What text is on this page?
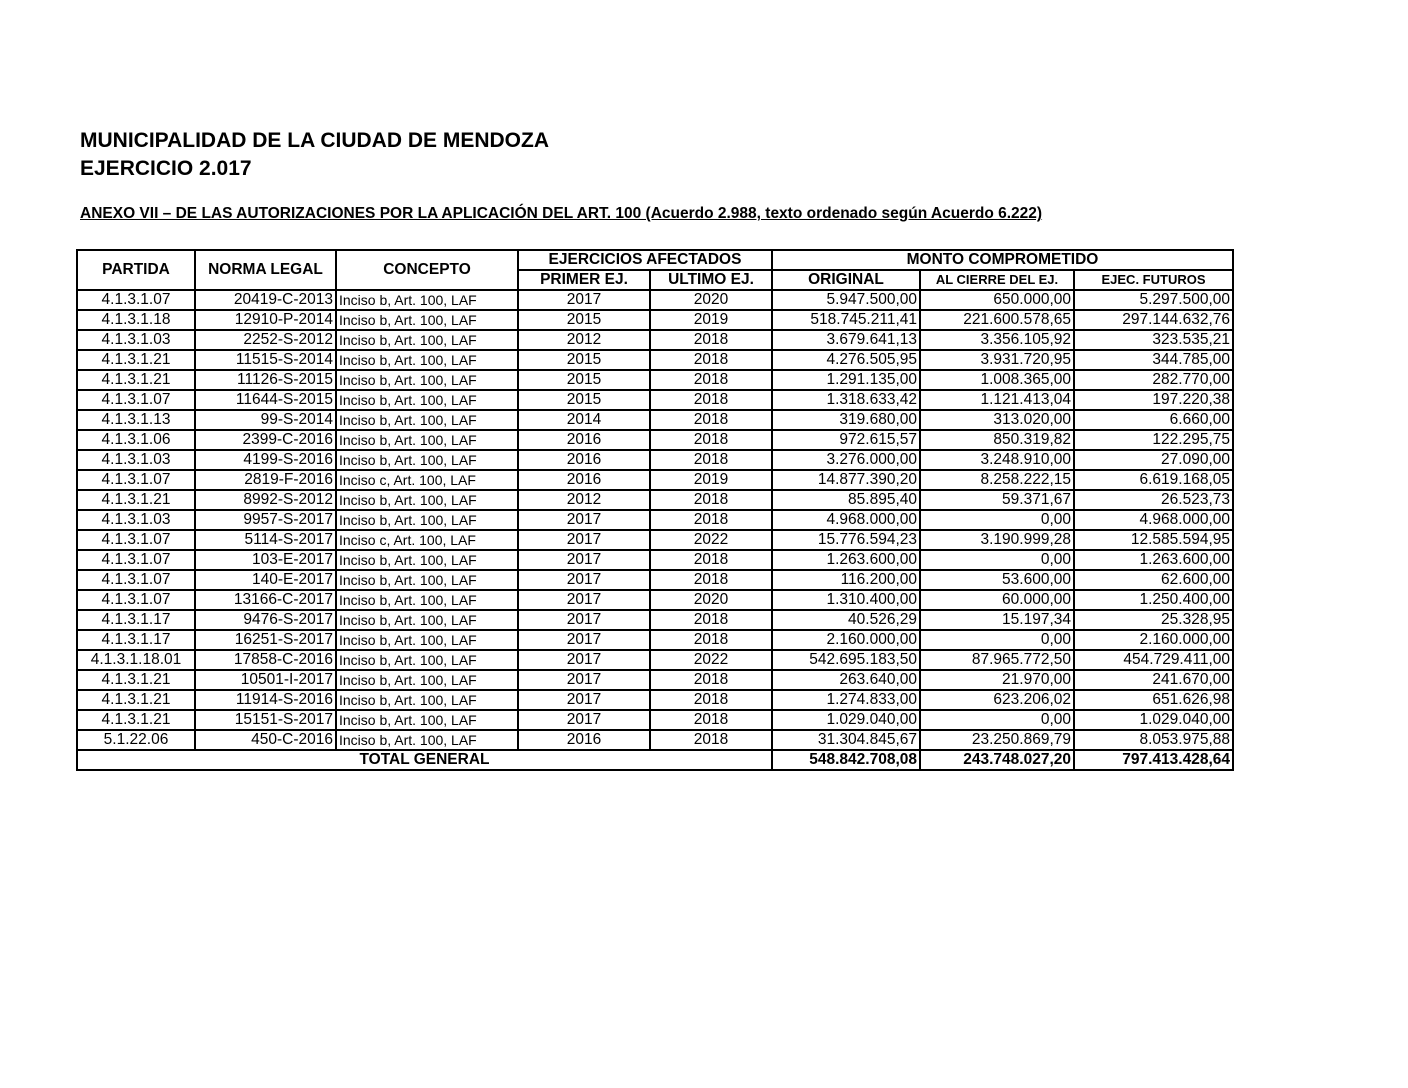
MUNICIPALIDAD DE LA CIUDAD DE MENDOZA
EJERCICIO 2.017
ANEXO VII – DE LAS AUTORIZACIONES POR LA APLICACIÓN DEL ART. 100 (Acuerdo 2.988, texto ordenado según Acuerdo 6.222)
PARTIDA	NORMA LEGAL	CONCEPTO	EJERCICIOS AFECTADOS		MONTO COMPROMETIDO		
			PRIMER EJ.	ULTIMO EJ.	ORIGINAL	AL CIERRE DEL EJ.	EJEC. FUTUROS
4.1.3.1.07	20419-C-2013	Inciso b, Art. 100, LAF	2017	2020	5.947.500,00	650.000,00	5.297.500,00
4.1.3.1.18	12910-P-2014	Inciso b, Art. 100, LAF	2015	2019	518.745.211,41	221.600.578,65	297.144.632,76
4.1.3.1.03	2252-S-2012	Inciso b, Art. 100, LAF	2012	2018	3.679.641,13	3.356.105,92	323.535,21
4.1.3.1.21	11515-S-2014	Inciso b, Art. 100, LAF	2015	2018	4.276.505,95	3.931.720,95	344.785,00
4.1.3.1.21	11126-S-2015	Inciso b, Art. 100, LAF	2015	2018	1.291.135,00	1.008.365,00	282.770,00
4.1.3.1.07	11644-S-2015	Inciso b, Art. 100, LAF	2015	2018	1.318.633,42	1.121.413,04	197.220,38
4.1.3.1.13	99-S-2014	Inciso b, Art. 100, LAF	2014	2018	319.680,00	313.020,00	6.660,00
4.1.3.1.06	2399-C-2016	Inciso b, Art. 100, LAF	2016	2018	972.615,57	850.319,82	122.295,75
4.1.3.1.03	4199-S-2016	Inciso b, Art. 100, LAF	2016	2018	3.276.000,00	3.248.910,00	27.090,00
4.1.3.1.07	2819-F-2016	Inciso c, Art. 100, LAF	2016	2019	14.877.390,20	8.258.222,15	6.619.168,05
4.1.3.1.21	8992-S-2012	Inciso b, Art. 100, LAF	2012	2018	85.895,40	59.371,67	26.523,73
4.1.3.1.03	9957-S-2017	Inciso b, Art. 100, LAF	2017	2018	4.968.000,00	0,00	4.968.000,00
4.1.3.1.07	5114-S-2017	Inciso c, Art. 100, LAF	2017	2022	15.776.594,23	3.190.999,28	12.585.594,95
4.1.3.1.07	103-E-2017	Inciso b, Art. 100, LAF	2017	2018	1.263.600,00	0,00	1.263.600,00
4.1.3.1.07	140-E-2017	Inciso b, Art. 100, LAF	2017	2018	116.200,00	53.600,00	62.600,00
4.1.3.1.07	13166-C-2017	Inciso b, Art. 100, LAF	2017	2020	1.310.400,00	60.000,00	1.250.400,00
4.1.3.1.17	9476-S-2017	Inciso b, Art. 100, LAF	2017	2018	40.526,29	15.197,34	25.328,95
4.1.3.1.17	16251-S-2017	Inciso b, Art. 100, LAF	2017	2018	2.160.000,00	0,00	2.160.000,00
4.1.3.1.18.01	17858-C-2016	Inciso b, Art. 100, LAF	2017	2022	542.695.183,50	87.965.772,50	454.729.411,00
4.1.3.1.21	10501-I-2017	Inciso b, Art. 100, LAF	2017	2018	263.640,00	21.970,00	241.670,00
4.1.3.1.21	11914-S-2016	Inciso b, Art. 100, LAF	2017	2018	1.274.833,00	623.206,02	651.626,98
4.1.3.1.21	15151-S-2017	Inciso b, Art. 100, LAF	2017	2018	1.029.040,00	0,00	1.029.040,00
5.1.22.06	450-C-2016	Inciso b, Art. 100, LAF	2016	2018	31.304.845,67	23.250.869,79	8.053.975,88
TOTAL GENERAL					548.842.708,08	243.748.027,20	797.413.428,64
